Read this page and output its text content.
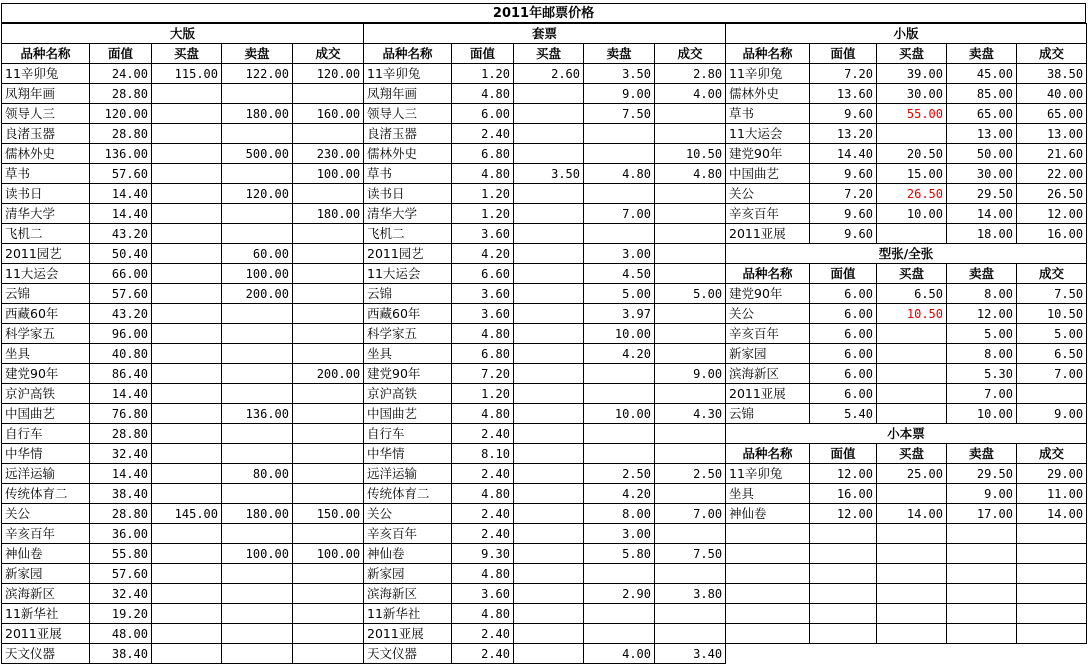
2011年邮票价格
大版				
品种名称	面值	买盘	卖盘	成交
11辛卯兔	24.00	115.00	122.00	120.00
凤翔年画	28.80			
领导人三	120.00		180.00	160.00
良渚玉器	28.80			
儒林外史	136.00		500.00	230.00
草书	57.60			100.00
读书日	14.40		120.00	
清华大学	14.40			180.00
飞机二	43.20			
2011园艺	50.40		60.00	
11大运会	66.00		100.00	
云锦	57.60		200.00	
西藏60年	43.20			
科学家五	96.00			
坐具	40.80			
建党90年	86.40			200.00
京沪高铁	14.40			
中国曲艺	76.80		136.00	
自行车	28.80			
中华情	32.40			
远洋运输	14.40		80.00	
传统体育二	38.40			
关公	28.80	145.00	180.00	150.00
辛亥百年	36.00			
神仙卷	55.80		100.00	100.00
新家园	57.60			
滨海新区	32.40			
11新华社	19.20			
2011亚展	48.00			
天文仪器	38.40			
套票				
品种名称	面值	买盘	卖盘	成交
11辛卯兔	1.20	2.60	3.50	2.80
凤翔年画	4.80		9.00	4.00
领导人三	6.00		7.50	
良渚玉器	2.40			
儒林外史	6.80			10.50
草书	4.80	3.50	4.80	4.80
读书日	1.20			
清华大学	1.20		7.00	
飞机二	3.60			
2011园艺	4.20		3.00	
11大运会	6.60		4.50	
云锦	3.60		5.00	5.00
西藏60年	3.60		3.97	
科学家五	4.80		10.00	
坐具	6.80		4.20	
建党90年	7.20			9.00
京沪高铁	1.20			
中国曲艺	4.80		10.00	4.30
自行车	2.40			
中华情	8.10			
远洋运输	2.40		2.50	2.50
传统体育二	4.80		4.20	
关公	2.40		8.00	7.00
辛亥百年	2.40		3.00	
神仙卷	9.30		5.80	7.50
新家园	4.80			
滨海新区	3.60		2.90	3.80
11新华社	4.80			
2011亚展	2.40			
天文仪器	2.40		4.00	3.40
小版				
品种名称	面值	买盘	卖盘	成交
11辛卯兔	7.20	39.00	45.00	38.50
儒林外史	13.60	30.00	85.00	40.00
草书	9.60	55.00	65.00	65.00
11大运会	13.20		13.00	13.00
建党90年	14.40	20.50	50.00	21.60
中国曲艺	9.60	15.00	30.00	22.00
关公	7.20	26.50	29.50	26.50
辛亥百年	9.60	10.00	14.00	12.00
2011亚展	9.60		18.00	16.00
型张/全张				
品种名称	面值	买盘	卖盘	成交
建党90年	6.00	6.50	8.00	7.50
关公	6.00	10.50	12.00	10.50
辛亥百年	6.00		5.00	5.00
新家园	6.00		8.00	6.50
滨海新区	6.00		5.30	7.00
2011亚展	6.00		7.00	
云锦	5.40		10.00	9.00
小本票				
品种名称	面值	买盘	卖盘	成交
11辛卯兔	12.00	25.00	29.50	29.00
坐具	16.00		9.00	11.00
神仙卷	12.00	14.00	17.00	14.00
